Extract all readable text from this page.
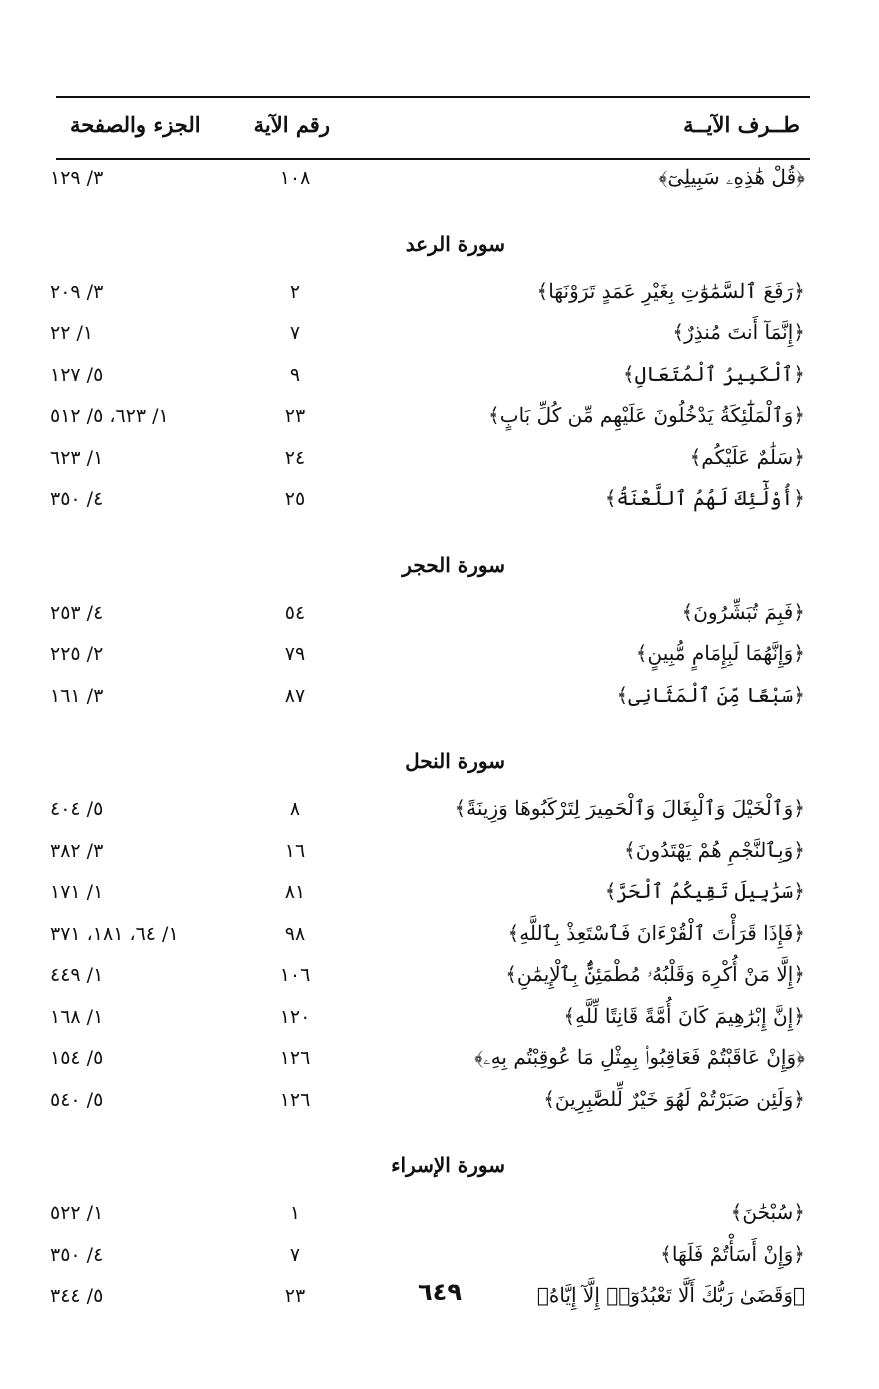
طــرف الآيــة
رقم الآية
الجزء والصفحة
﴿قُلْ هَٰذِهِۦ سَبِيلِىٓ﴾
١٠٨
٣/ ١٢٩
سورة الرعد
﴿رَفَعَ ٱلسَّمَٰوَٰتِ بِغَيْرِ عَمَدٍ تَرَوْنَهَا﴾
٢
٣/ ٢٠٩
﴿إِنَّمَآ أَنتَ مُنذِرٌ﴾
٧
١/ ٢٢
﴿ٱلْكَبِيرُ ٱلْمُتَعَالِ﴾
٩
٥/ ١٢٧
﴿وَٱلْمَلَٰٓئِكَةُ يَدْخُلُونَ عَلَيْهِم مِّن كُلِّ بَابٍ﴾
٢٣
١/ ٦٢٣، ٥/ ٥١٢
﴿سَلَٰمٌ عَلَيْكُم﴾
٢٤
١/ ٦٢٣
﴿أُوْلَٰٓئِكَ لَهُمُ ٱللَّعْنَةُ﴾
٢٥
٤/ ٣٥٠
سورة الحجر
﴿فَبِمَ تُبَشِّرُونَ﴾
٥٤
٤/ ٢٥٣
﴿وَإِنَّهُمَا لَبِإِمَامٍ مُّبِينٍ﴾
٧٩
٢/ ٢٢٥
﴿سَبْعًا مِّنَ ٱلْمَثَانِى﴾
٨٧
٣/ ١٦١
سورة النحل
﴿وَٱلْخَيْلَ وَٱلْبِغَالَ وَٱلْحَمِيرَ لِتَرْكَبُوهَا وَزِينَةً﴾
٨
٥/ ٤٠٤
﴿وَبِٱلنَّجْمِ هُمْ يَهْتَدُونَ﴾
١٦
٣/ ٣٨٢
﴿سَرَٰبِيلَ تَقِيكُمُ ٱلْحَرَّ﴾
٨١
١/ ١٧١
﴿فَإِذَا قَرَأْتَ ٱلْقُرْءَانَ فَٱسْتَعِذْ بِٱللَّهِ﴾
٩٨
١/ ٦٤، ١٨١، ٣٧١
﴿إِلَّا مَنْ أُكْرِهَ وَقَلْبُهُۥ مُطْمَئِنٌّۢ بِٱلْإِيمَٰنِ﴾
١٠٦
١/ ٤٤٩
﴿إِنَّ إِبْرَٰهِيمَ كَانَ أُمَّةً قَانِتًا لِّلَّهِ﴾
١٢٠
١/ ١٦٨
﴿وَإِنْ عَاقَبْتُمْ فَعَاقِبُوا۟ بِمِثْلِ مَا عُوقِبْتُم بِهِۦ﴾
١٢٦
٥/ ١٥٤
﴿وَلَئِن صَبَرْتُمْ لَهُوَ خَيْرٌ لِّلصَّٰبِرِينَ﴾
١٢٦
٥/ ٥٤٠
سورة الإسراء
﴿سُبْحَٰنَ﴾
١
١/ ٥٢٢
﴿وَإِنْ أَسَأْتُمْ فَلَهَا﴾
٧
٤/ ٣٥٠
﴿وَقَضَىٰ رَبُّكَ أَلَّا تَعْبُدُوٓا۟ إِلَّآ إِيَّاهُ﴾
٢٣
٥/ ٣٤٤	٦٤٩
